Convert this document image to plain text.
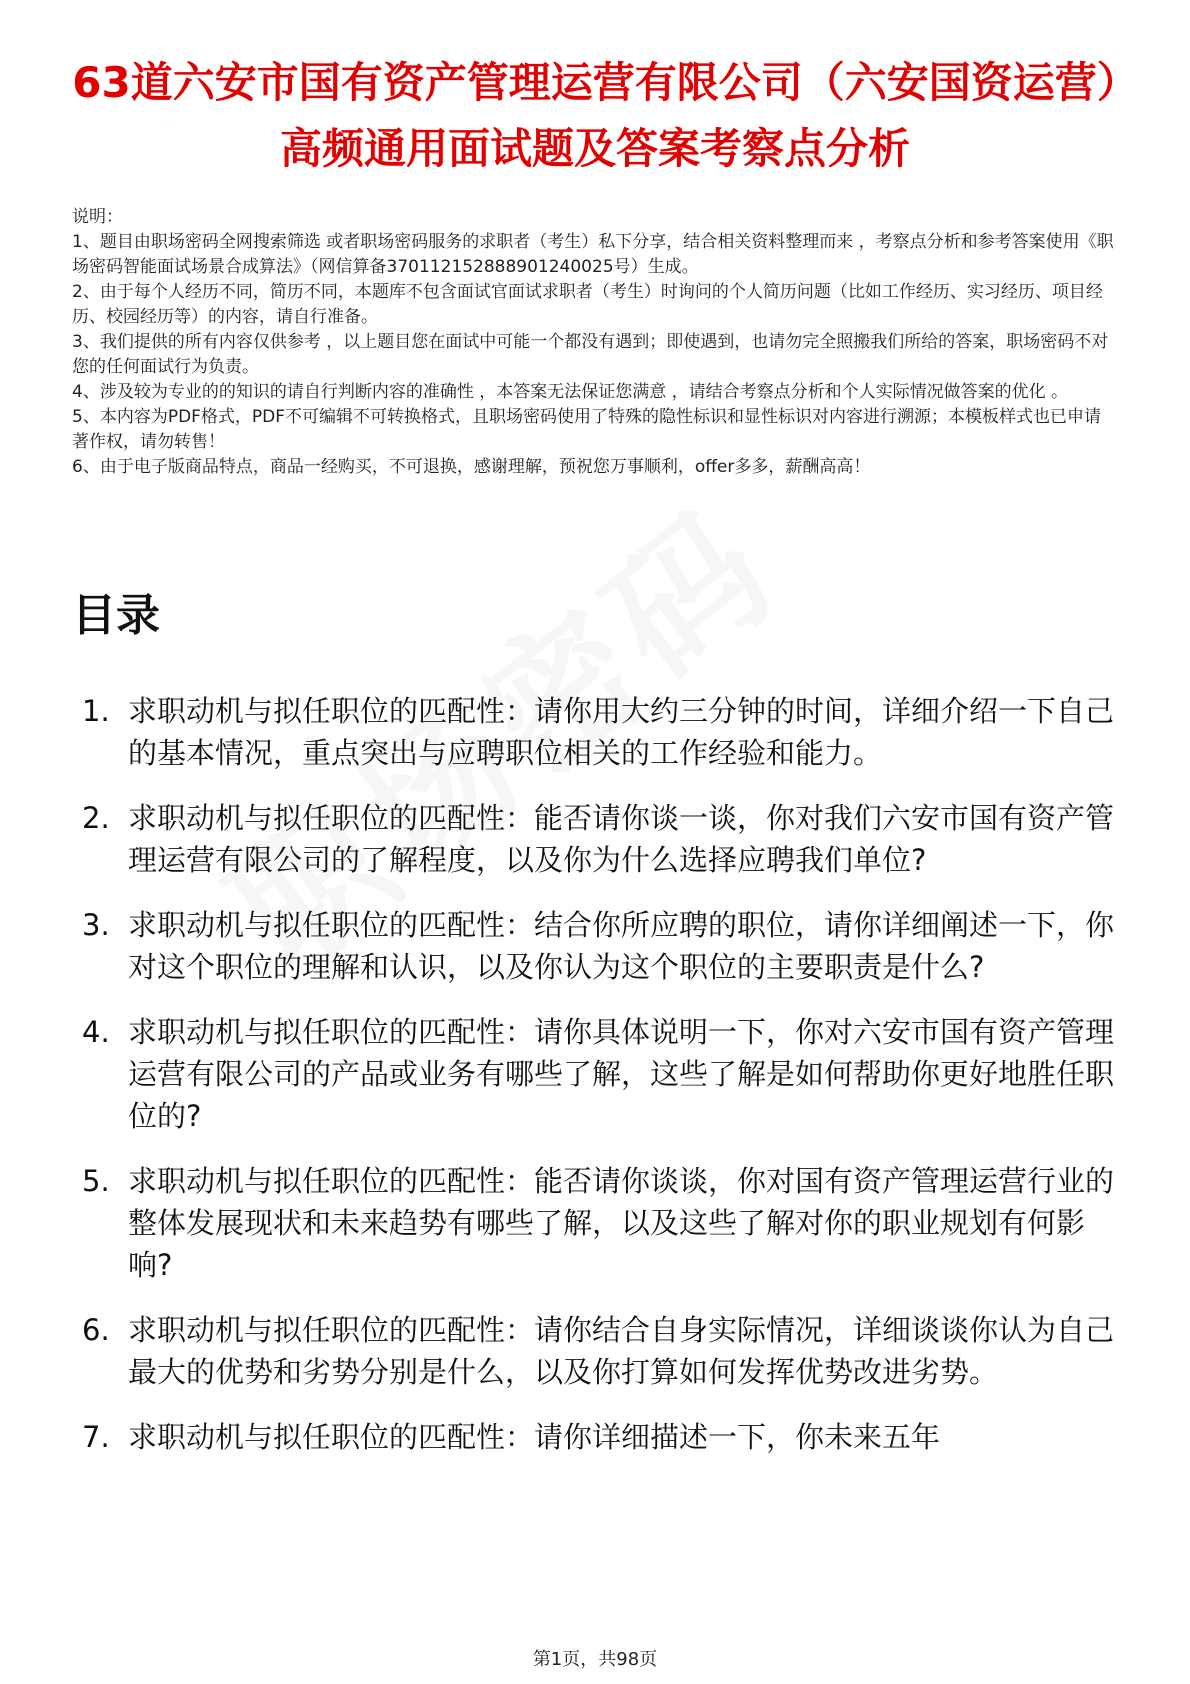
63道六安市国有资产管理运营有限公司（六安国资运营）高频通用面试题及答案考察点分析

说明：

1、题目由职场密码全网搜索筛选 或者职场密码服务的求职者（考生）私下分享，结合相关资料整理而来 ，考察点分析和参考答案使用《职场密码智能面试场景合成算法》（网信算备370112152888901240025号）生成。

2、由于每个人经历不同，简历不同，本题库不包含面试官面试求职者（考生）时询问的个人简历问题（比如工作经历、实习经历、项目经历、校园经历等）的内容，请自行准备。

3、我们提供的所有内容仅供参考 ，以上题目您在面试中可能一个都没有遇到；即使遇到，也请勿完全照搬我们所给的答案，职场密码不对您的任何面试行为负责。

4、涉及较为专业的的知识的请自行判断内容的准确性 ，本答案无法保证您满意 ，请结合考察点分析和个人实际情况做答案的优化 。

5、本内容为PDF格式，PDF不可编辑不可转换格式，且职场密码使用了特殊的隐性标识和显性标识对内容进行溯源；本模板样式也已申请著作权，请勿转售！

6、由于电子版商品特点，商品一经购买，不可退换，感谢理解，预祝您万事顺利，offer多多，薪酬高高！

目录
1. 求职动机与拟任职位的匹配性：请你用大约三分钟的时间，详细介绍一下自己的基本情况，重点突出与应聘职位相关的工作经验和能力。
2. 求职动机与拟任职位的匹配性：能否请你谈一谈，你对我们六安市国有资产管理运营有限公司的了解程度，以及你为什么选择应聘我们单位?
3. 求职动机与拟任职位的匹配性：结合你所应聘的职位，请你详细阐述一下，你对这个职位的理解和认识，以及你认为这个职位的主要职责是什么?
4. 求职动机与拟任职位的匹配性：请你具体说明一下，你对六安市国有资产管理运营有限公司的产品或业务有哪些了解，这些了解是如何帮助你更好地胜任职位的?
5. 求职动机与拟任职位的匹配性：能否请你谈谈，你对国有资产管理运营行业的整体发展现状和未来趋势有哪些了解，以及这些了解对你的职业规划有何影响?
6. 求职动机与拟任职位的匹配性：请你结合自身实际情况，详细谈谈你认为自己最大的优势和劣势分别是什么，以及你打算如何发挥优势改进劣势。
7. 求职动机与拟任职位的匹配性：请你详细描述一下，你未来五年
第1页，共98页
